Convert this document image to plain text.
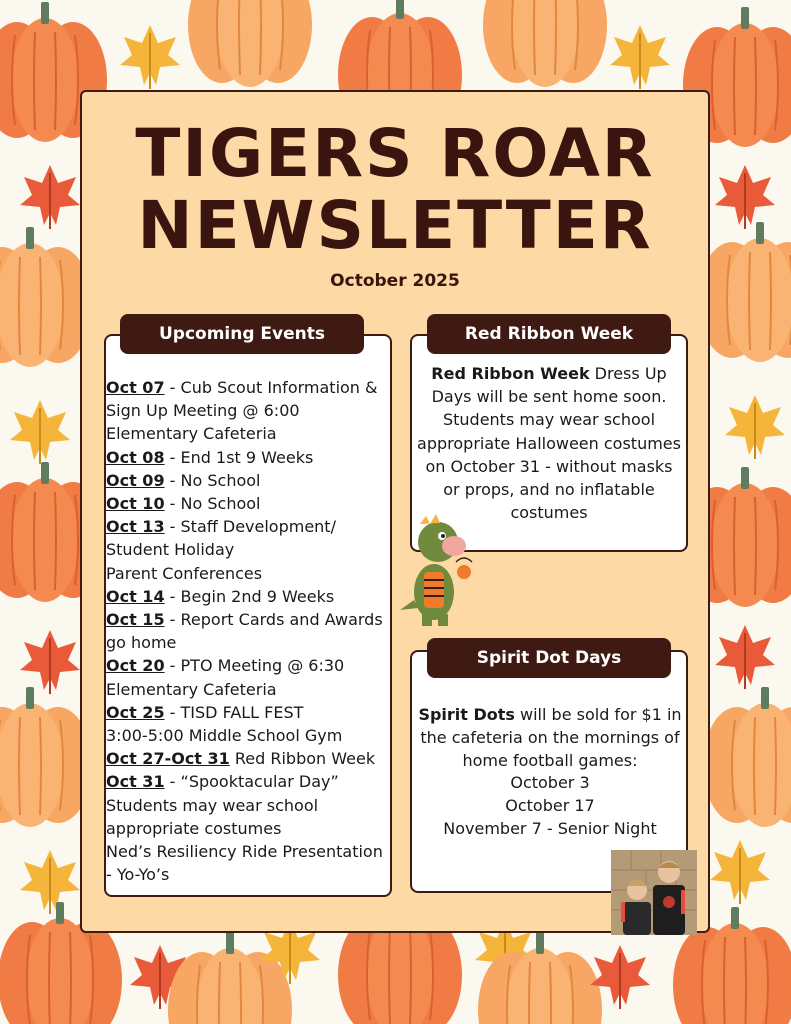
TIGERS ROAR
NEWSLETTER
October 2025
Upcoming Events
Oct 07 - Cub Scout Information &
Sign Up Meeting @ 6:00
Elementary Cafeteria
Oct 08 - End 1st 9 Weeks
Oct 09 - No School
Oct 10 - No School
Oct 13 - Staff Development/
Student Holiday
Parent Conferences
Oct 14 - Begin 2nd 9 Weeks
Oct 15 - Report Cards and Awards
go home
Oct 20 - PTO Meeting @ 6:30
Elementary Cafeteria
Oct 25 - TISD FALL FEST
3:00-5:00 Middle School Gym
Oct 27-Oct 31 Red Ribbon Week
Oct 31 - “Spooktacular Day”
Students may wear school
appropriate costumes
Ned’s Resiliency Ride Presentation
- Yo-Yo’s
Red Ribbon Week
Red Ribbon Week Dress Up Days will be sent home soon. Students may wear school appropriate Halloween costumes on October 31 - without masks or props, and no inflatable costumes
Spirit Dot Days
Spirit Dots will be sold for $1 in the cafeteria on the mornings of home football games:
October 3
October 17
November 7 - Senior Night
